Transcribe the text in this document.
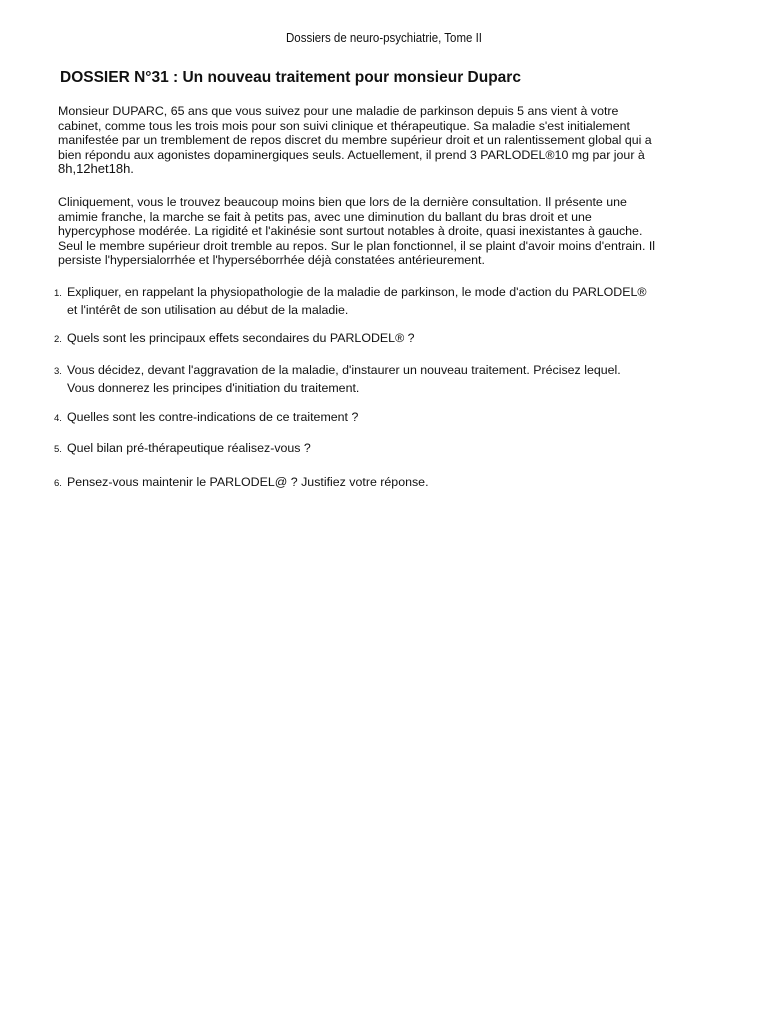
Dossiers de neuro-psychiatrie, Tome II
DOSSIER N°31 : Un nouveau traitement pour monsieur Duparc
Monsieur DUPARC, 65 ans que vous suivez pour une maladie de parkinson depuis 5 ans vient à votre
cabinet, comme tous les trois mois pour son suivi clinique et thérapeutique. Sa maladie s'est initialement
manifestée par un tremblement de repos discret du membre supérieur droit et un ralentissement global qui a
bien répondu aux agonistes dopaminergiques seuls. Actuellement, il prend 3 PARLODEL®10 mg par jour à
8h,12het18h.
Cliniquement, vous le trouvez beaucoup moins bien que lors de la dernière consultation. Il présente une
amimie franche, la marche se fait à petits pas, avec une diminution du ballant du bras droit et une
hypercyphose modérée. La rigidité et l'akinésie sont surtout notables à droite, quasi inexistantes à gauche.
Seul le membre supérieur droit tremble au repos. Sur le plan fonctionnel, il se plaint d'avoir moins d'entrain. Il
persiste l'hypersialorrhée et l'hyperséborrhée déjà constatées antérieurement.
1. Expliquer, en rappelant la physiopathologie de la maladie de parkinson, le mode d'action du PARLODEL®
et l'intérêt de son utilisation au début de la maladie.
2. Quels sont les principaux effets secondaires du PARLODEL® ?
3. Vous décidez, devant l'aggravation de la maladie, d'instaurer un nouveau traitement. Précisez lequel.
Vous donnerez les principes d'initiation du traitement.
4. Quelles sont les contre-indications de ce traitement ?
5. Quel bilan pré-thérapeutique réalisez-vous ?
6. Pensez-vous maintenir le PARLODEL@ ? Justifiez votre réponse.
